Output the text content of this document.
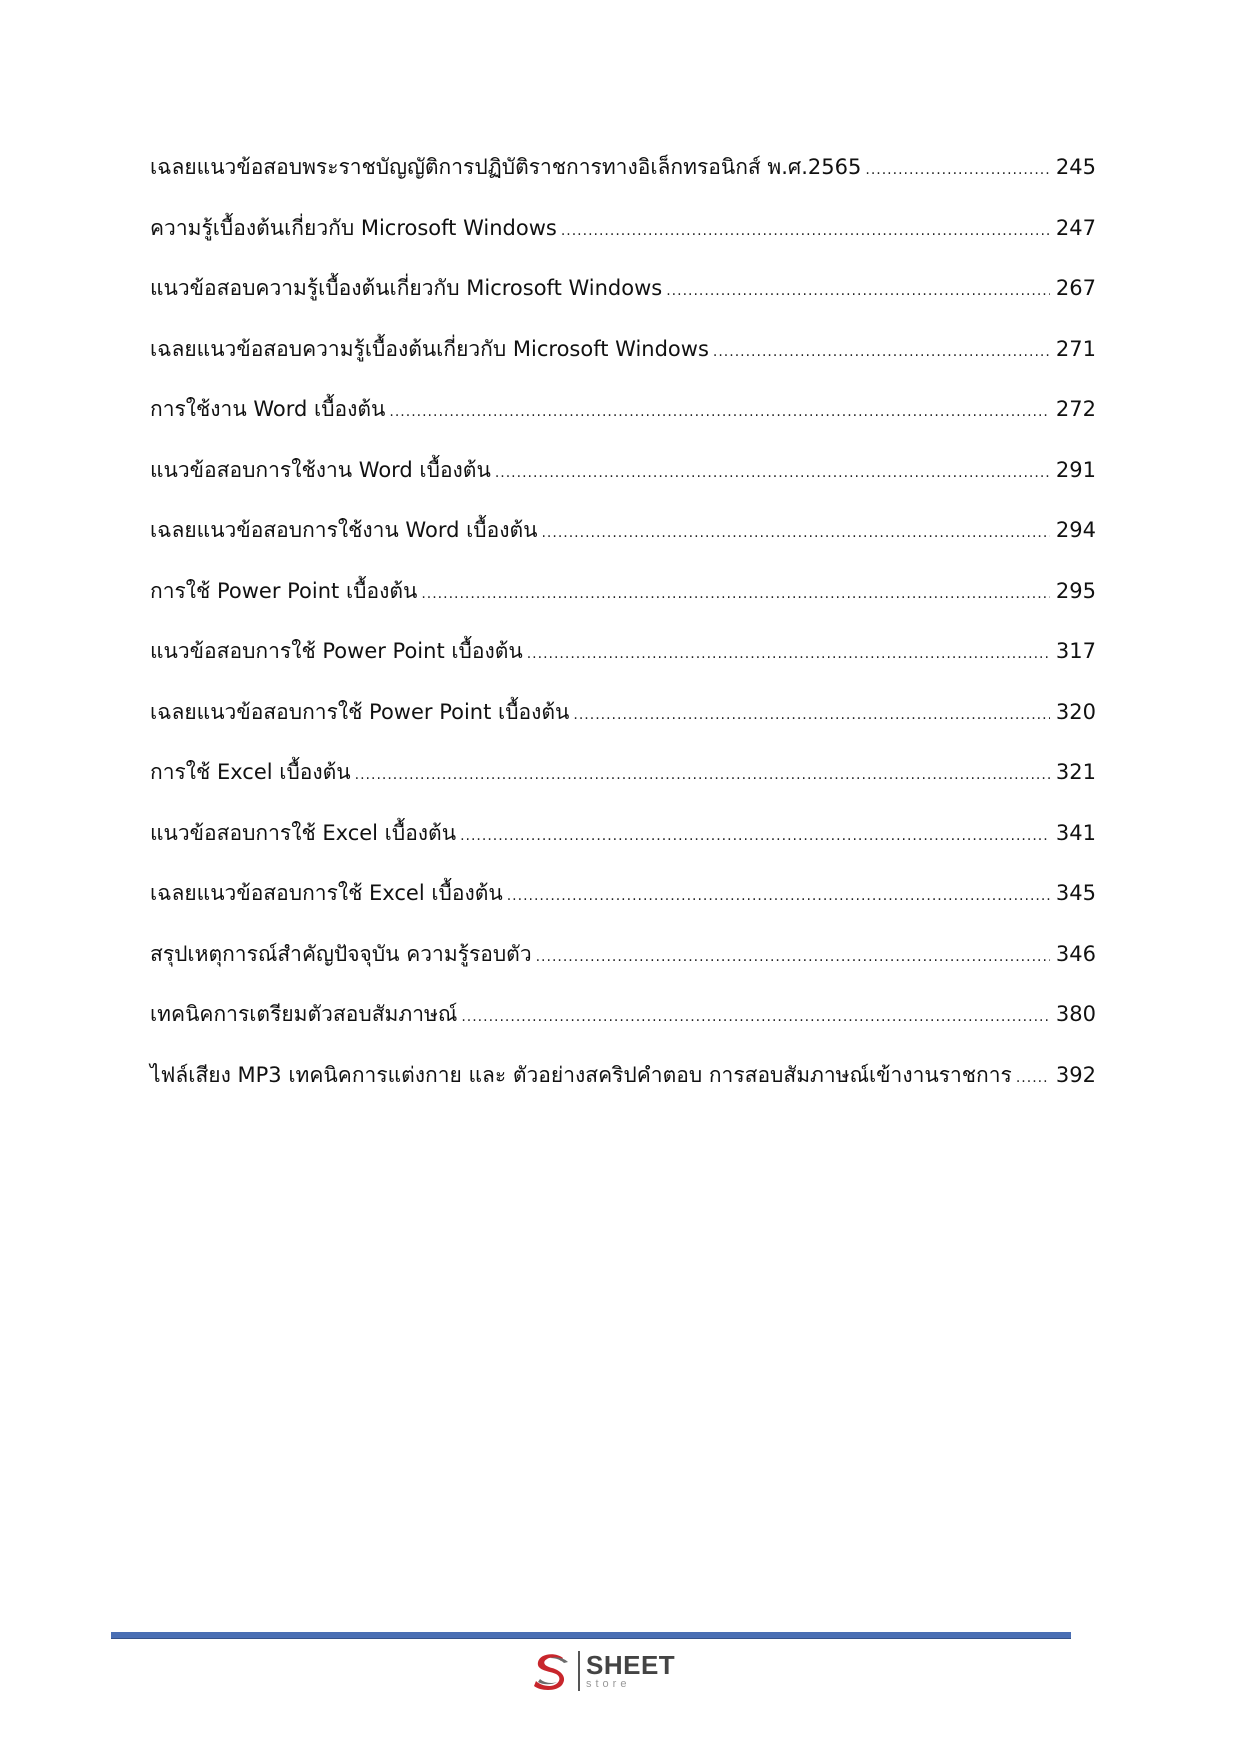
เฉลยแนวข้อสอบพระราชบัญญัติการปฏิบัติราชการทางอิเล็กทรอนิกส์ พ.ศ.2565 .....	245
ความรู้เบื้องต้นเกี่ยวกับ Microsoft Windows .....	247
แนวข้อสอบความรู้เบื้องต้นเกี่ยวกับ Microsoft Windows .....	267
เฉลยแนวข้อสอบความรู้เบื้องต้นเกี่ยวกับ Microsoft Windows .....	271
การใช้งาน Word เบื้องต้น .....	272
แนวข้อสอบการใช้งาน Word เบื้องต้น .....	291
เฉลยแนวข้อสอบการใช้งาน Word เบื้องต้น .....	294
การใช้ Power Point เบื้องต้น .....	295
แนวข้อสอบการใช้ Power Point เบื้องต้น .....	317
เฉลยแนวข้อสอบการใช้ Power Point เบื้องต้น .....	320
การใช้ Excel เบื้องต้น .....	321
แนวข้อสอบการใช้ Excel เบื้องต้น .....	341
เฉลยแนวข้อสอบการใช้ Excel เบื้องต้น .....	345
สรุปเหตุการณ์สำคัญปัจจุบัน ความรู้รอบตัว .....	346
เทคนิคการเตรียมตัวสอบสัมภาษณ์ .....	380
ไฟล์เสียง MP3 เทคนิคการแต่งกาย และ ตัวอย่างสคริปคำตอบ การสอบสัมภาษณ์เข้างานราชการ ..... 392
SHEET
store
